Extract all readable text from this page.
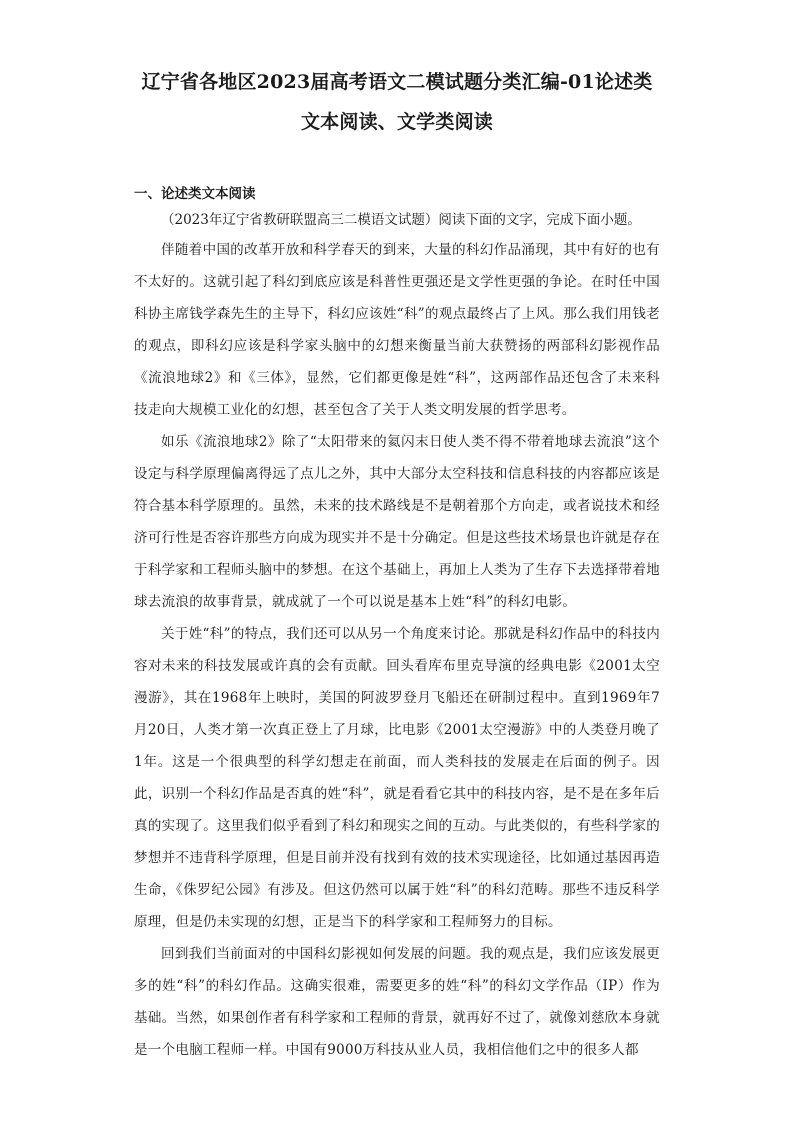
辽宁省各地区2023届高考语文二模试题分类汇编-01论述类
文本阅读、文学类阅读
一、论述类文本阅读
（2023年辽宁省教研联盟高三二模语文试题）阅读下面的文字，完成下面小题。

伴随着中国的改革开放和科学春天的到来，大量的科幻作品涌现，其中有好的也有不太好的。这就引起了科幻到底应该是科普性更强还是文学性更强的争论。在时任中国科协主席钱学森先生的主导下，科幻应该姓“科”的观点最终占了上风。那么我们用钱老的观点，即科幻应该是科学家头脑中的幻想来衡量当前大获赞扬的两部科幻影视作品《流浪地球2》和《三体》，显然，它们都更像是姓“科”，这两部作品还包含了未来科技走向大规模工业化的幻想，甚至包含了关于人类文明发展的哲学思考。

如乐《流浪地球2》除了“太阳带来的氦闪末日使人类不得不带着地球去流浪”这个设定与科学原理偏离得远了点儿之外，其中大部分太空科技和信息科技的内容都应该是符合基本科学原理的。虽然，未来的技术路线是不是朝着那个方向走，或者说技术和经济可行性是否容许那些方向成为现实并不是十分确定。但是这些技术场景也许就是存在于科学家和工程师头脑中的梦想。在这个基础上，再加上人类为了生存下去选择带着地球去流浪的故事背景，就成就了一个可以说是基本上姓“科”的科幻电影。

关于姓“科”的特点，我们还可以从另一个角度来讨论。那就是科幻作品中的科技内容对未来的科技发展或许真的会有贡献。回头看库布里克导演的经典电影《2001太空漫游》，其在1968年上映时，美国的阿波罗登月飞船还在研制过程中。直到1969年7月20日，人类才第一次真正登上了月球，比电影《2001太空漫游》中的人类登月晚了1年。这是一个很典型的科学幻想走在前面，而人类科技的发展走在后面的例子。因此，识别一个科幻作品是否真的姓“科”，就是看看它其中的科技内容，是不是在多年后真的实现了。这里我们似乎看到了科幻和现实之间的互动。与此类似的，有些科学家的梦想并不违背科学原理，但是目前并没有找到有效的技术实现途径，比如通过基因再造生命，《侏罗纪公园》有涉及。但这仍然可以属于姓“科”的科幻范畴。那些不违反科学原理，但是仍未实现的幻想，正是当下的科学家和工程师努力的目标。

回到我们当前面对的中国科幻影视如何发展的问题。我的观点是，我们应该发展更多的姓“科”的科幻作品。这确实很难，需要更多的姓“科”的科幻文学作品（IP）作为基础。当然，如果创作者有科学家和工程师的背景，就再好不过了，就像刘慈欣本身就是一个电脑工程师一样。中国有9000万科技从业人员，我相信他们之中的很多人都
